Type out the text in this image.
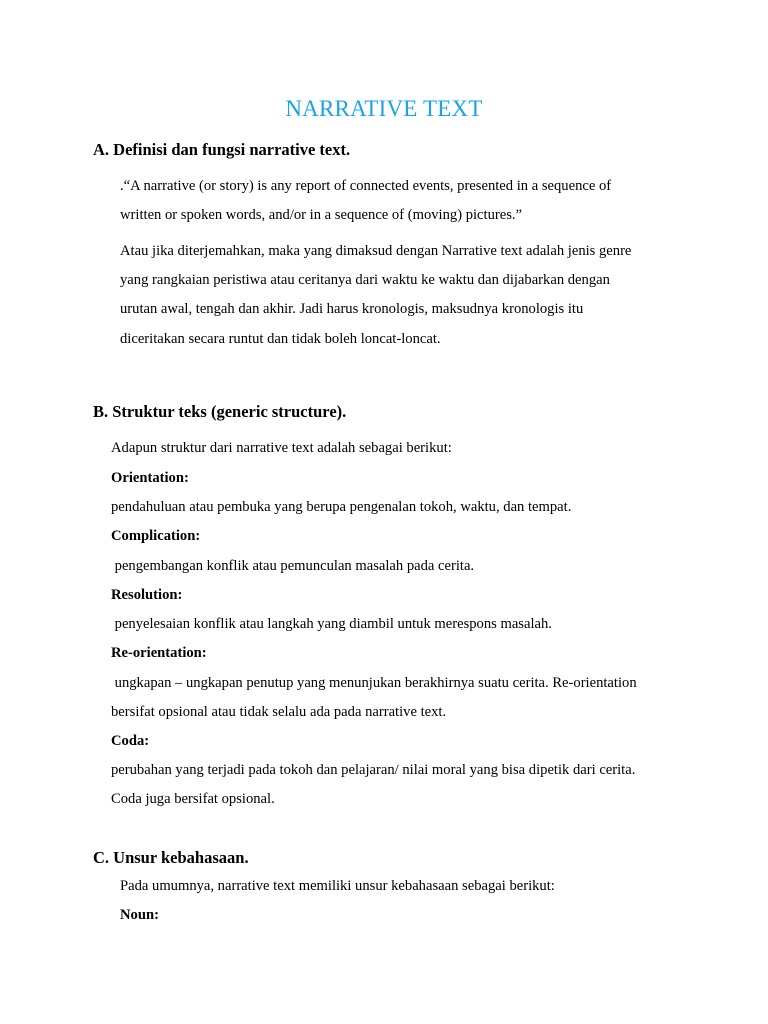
NARRATIVE TEXT
A. Definisi dan fungsi narrative text.
.“A narrative (or story) is any report of connected events, presented in a sequence of
written or spoken words, and/or in a sequence of (moving) pictures.”
Atau jika diterjemahkan, maka yang dimaksud dengan Narrative text adalah jenis genre
yang rangkaian peristiwa atau ceritanya dari waktu ke waktu dan dijabarkan dengan
urutan awal, tengah dan akhir. Jadi harus kronologis, maksudnya kronologis itu
diceritakan secara runtut dan tidak boleh loncat-loncat.
B. Struktur teks (generic structure).
Adapun struktur dari narrative text adalah sebagai berikut:
Orientation:
pendahuluan atau pembuka yang berupa pengenalan tokoh, waktu, dan tempat.
Complication:
pengembangan konflik atau pemunculan masalah pada cerita.
Resolution:
penyelesaian konflik atau langkah yang diambil untuk merespons masalah.
Re-orientation:
ungkapan – ungkapan penutup yang menunjukan berakhirnya suatu cerita. Re-orientation
bersifat opsional atau tidak selalu ada pada narrative text.
Coda:
perubahan yang terjadi pada tokoh dan pelajaran/ nilai moral yang bisa dipetik dari cerita.
Coda juga bersifat opsional.
C. Unsur kebahasaan.
Pada umumnya, narrative text memiliki unsur kebahasaan sebagai berikut:
Noun:
